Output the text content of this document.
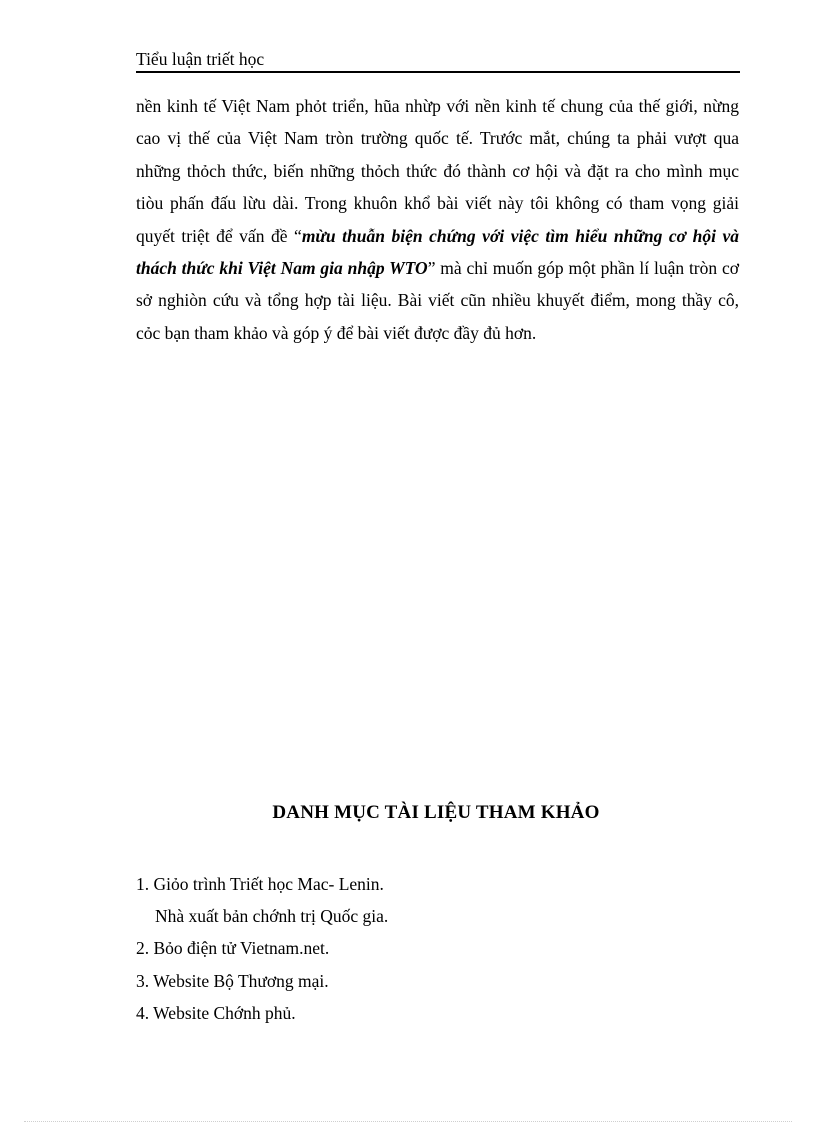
Tiểu luận triết học

nền kinh tế Việt Nam phỏt triển, hũa nhừp với nền kinh tế chung của thế giới, nừng cao vị thế của Việt Nam tròn trường quốc tế. Trước mắt, chúng ta phải vượt qua những thỏch thức, biến những thỏch thức đó thành cơ hội và đặt ra cho mình mục tiòu phấn đấu lừu dài. Trong khuôn khổ bài viết này tôi không có tham vọng giải quyết triệt để vấn đề “mừu thuẫn biện chứng với việc tìm hiểu những cơ hội và thách thức khi Việt Nam gia nhập WTO” mà chỉ muốn góp một phần lí luận tròn cơ sở nghiòn cứu và tổng hợp tài liệu. Bài viết cũn nhiều khuyết điểm, mong thầy cô, cỏc bạn tham khảo và góp ý để bài viết được đầy đủ hơn.

DANH MỤC TÀI LIỆU THAM KHẢO
1. Giỏo trình Triết học Mac- Lenin.
Nhà xuất bản chớnh trị Quốc gia.
2. Bỏo điện tử Vietnam.net.
3. Website Bộ Thương mại.
4. Website Chớnh phủ.
